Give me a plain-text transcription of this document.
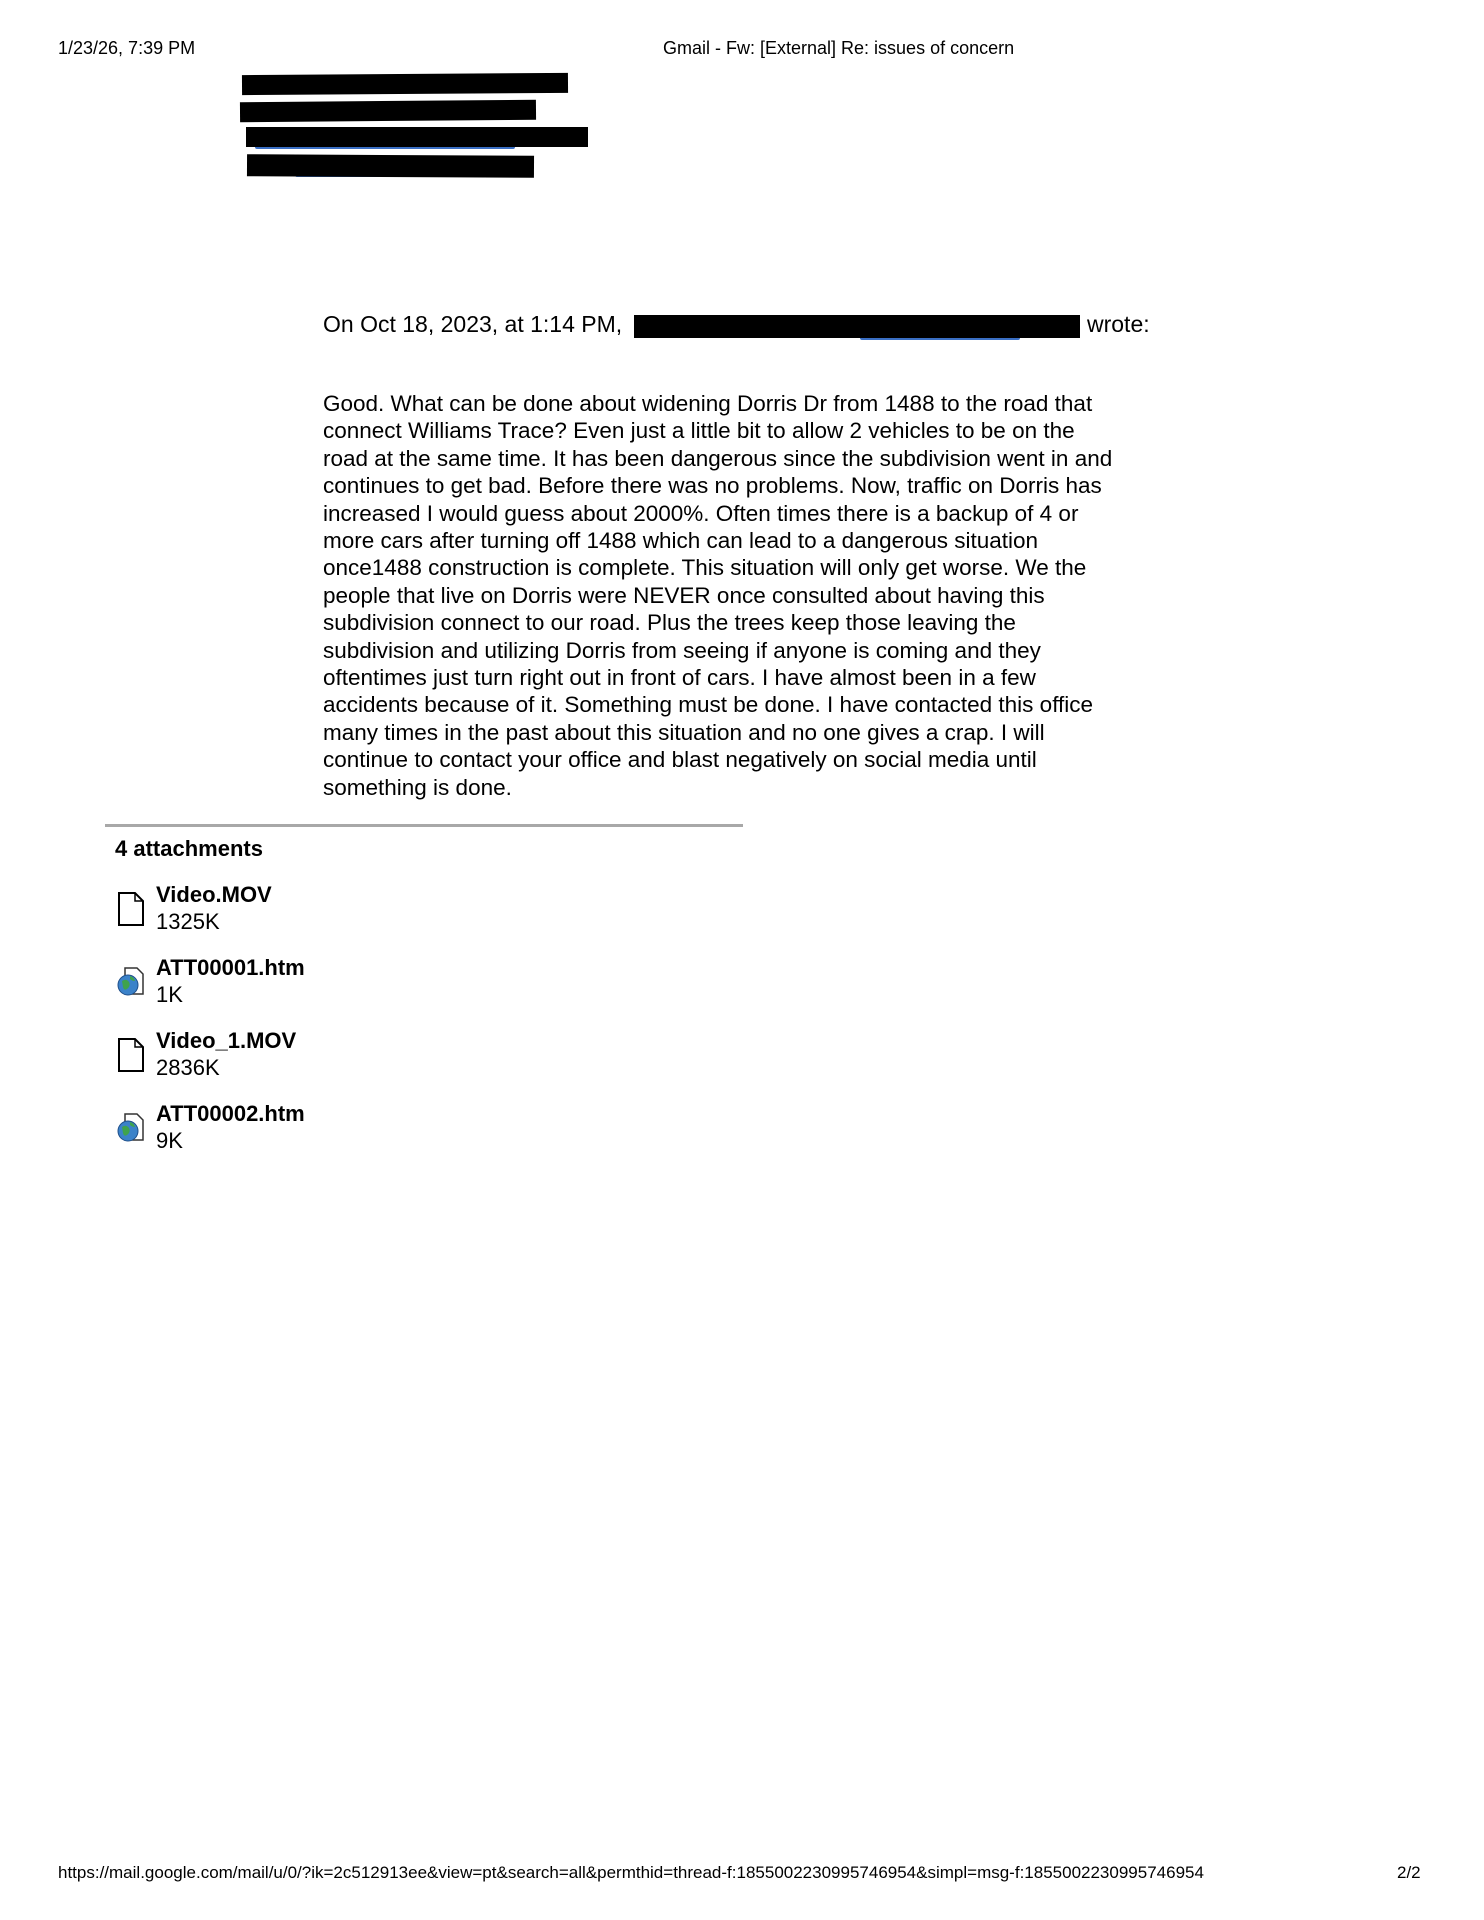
1/23/26, 7:39 PM	Gmail - Fw: [External] Re: issues of concern
On Oct 18, 2023, at 1:14 PM,	wrote:
Good. What can be done about widening Dorris Dr from 1488 to the road that
connect Williams Trace? Even just a little bit to allow 2 vehicles to be on the
road at the same time. It has been dangerous since the subdivision went in and
continues to get bad. Before there was no problems. Now, traffic on Dorris has
increased I would guess about 2000%. Often times there is a backup of 4 or
more cars after turning off 1488 which can lead to a dangerous situation
once1488 construction is complete. This situation will only get worse. We the
people that live on Dorris were NEVER once consulted about having this
subdivision connect to our road. Plus the trees keep those leaving the
subdivision and utilizing Dorris from seeing if anyone is coming and they
oftentimes just turn right out in front of cars. I have almost been in a few
accidents because of it. Something must be done. I have contacted this office
many times in the past about this situation and no one gives a crap. I will
continue to contact your office and blast negatively on social media until
something is done.
4 attachments
Video.MOV
1325K
ATT00001.htm
1K
Video_1.MOV
2836K
ATT00002.htm
9K
https://mail.google.com/mail/u/0/?ik=2c512913ee&view=pt&search=all&permthid=thread-f:1855002230995746954&simpl=msg-f:1855002230995746954	2/2
